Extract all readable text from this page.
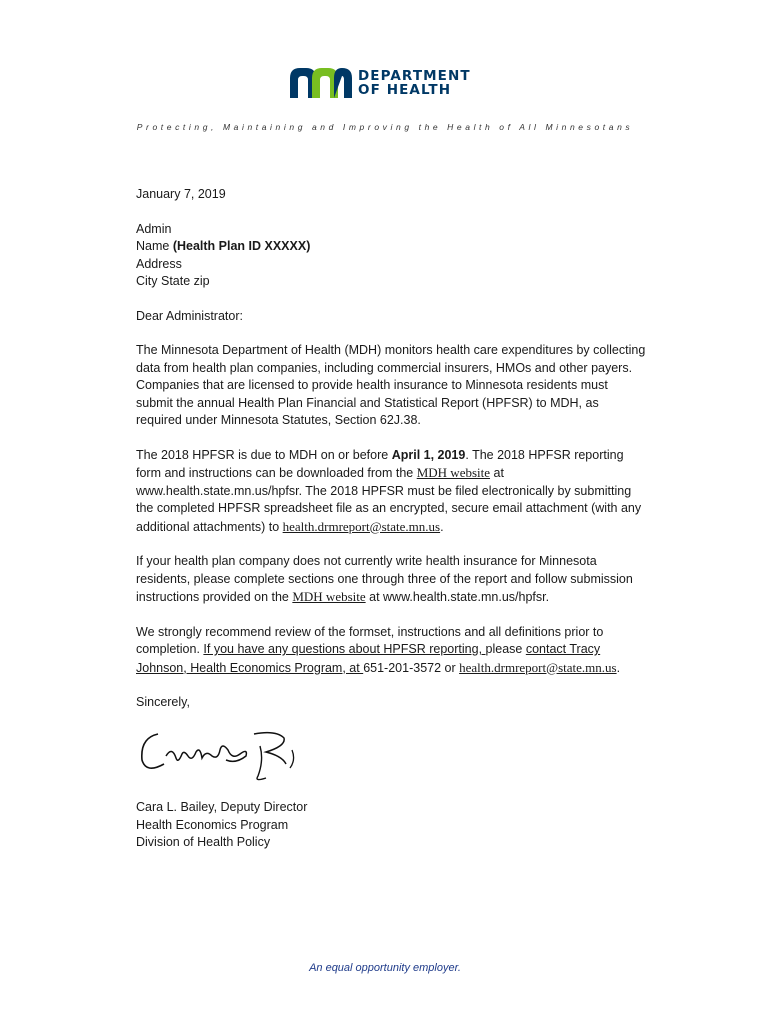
DEPARTMENT
OF HEALTH
Protecting, Maintaining and Improving the Health of All Minnesotans

January 7, 2019

Admin
Name (Health Plan ID XXXXX)
Address
City State zip

Dear Administrator:

The Minnesota Department of Health (MDH) monitors health care expenditures by collecting data from health plan companies, including commercial insurers, HMOs and other payers. Companies that are licensed to provide health insurance to Minnesota residents must submit the annual Health Plan Financial and Statistical Report (HPFSR) to MDH, as required under Minnesota Statutes, Section 62J.38.

The 2018 HPFSR is due to MDH on or before April 1, 2019. The 2018 HPFSR reporting form and instructions can be downloaded from the MDH website at www.health.state.mn.us/hpfsr. The 2018 HPFSR must be filed electronically by submitting the completed HPFSR spreadsheet file as an encrypted, secure email attachment (with any additional attachments) to health.drmreport@state.mn.us.

If your health plan company does not currently write health insurance for Minnesota residents, please complete sections one through three of the report and follow submission instructions provided on the MDH website at www.health.state.mn.us/hpfsr.

We strongly recommend review of the formset, instructions and all definitions prior to completion. If you have any questions about HPFSR reporting, please contact Tracy Johnson, Health Economics Program, at 651-201-3572 or health.drmreport@state.mn.us.

Sincerely,

Cara L. Bailey, Deputy Director
Health Economics Program
Division of Health Policy

An equal opportunity employer.
